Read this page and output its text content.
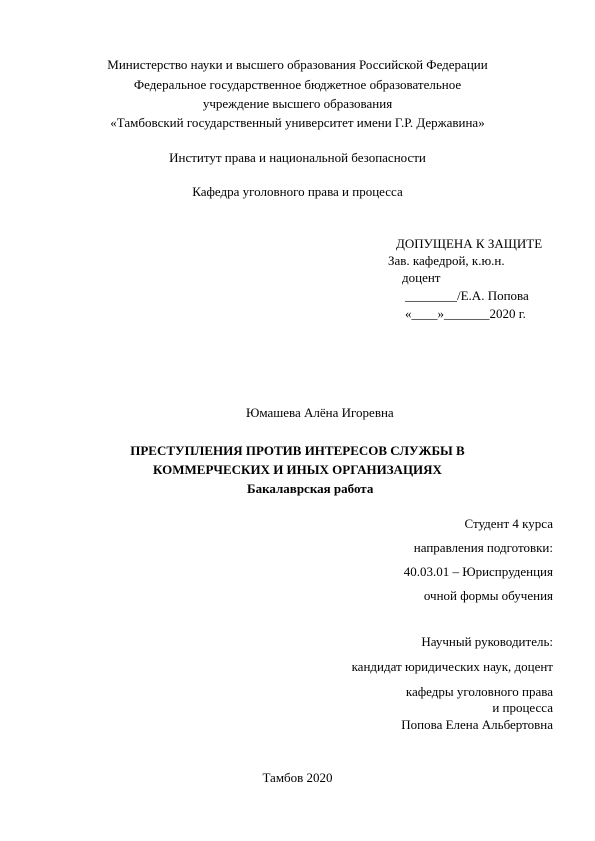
Министерство науки и высшего образования Российской Федерации
Федеральное государственное бюджетное образовательное
учреждение высшего образования
«Тамбовский государственный университет имени Г.Р. Державина»
Институт права и национальной безопасности
Кафедра уголовного права и процесса
ДОПУЩЕНА К ЗАЩИТЕ
Зав. кафедрой, к.ю.н.
доцент
________/Е.А. Попова
«____»_______2020 г.
Юмашева Алёна Игоревна
ПРЕСТУПЛЕНИЯ ПРОТИВ ИНТЕРЕСОВ СЛУЖБЫ В
КОММЕРЧЕСКИХ И ИНЫХ ОРГАНИЗАЦИЯХ
Бакалаврская работа
Студент 4 курса
направления подготовки:
40.03.01 – Юриспруденция
очной формы обучения
Научный руководитель:
кандидат юридических наук, доцент
кафедры уголовного права
и процесса
Попова Елена Альбертовна
Тамбов 2020
